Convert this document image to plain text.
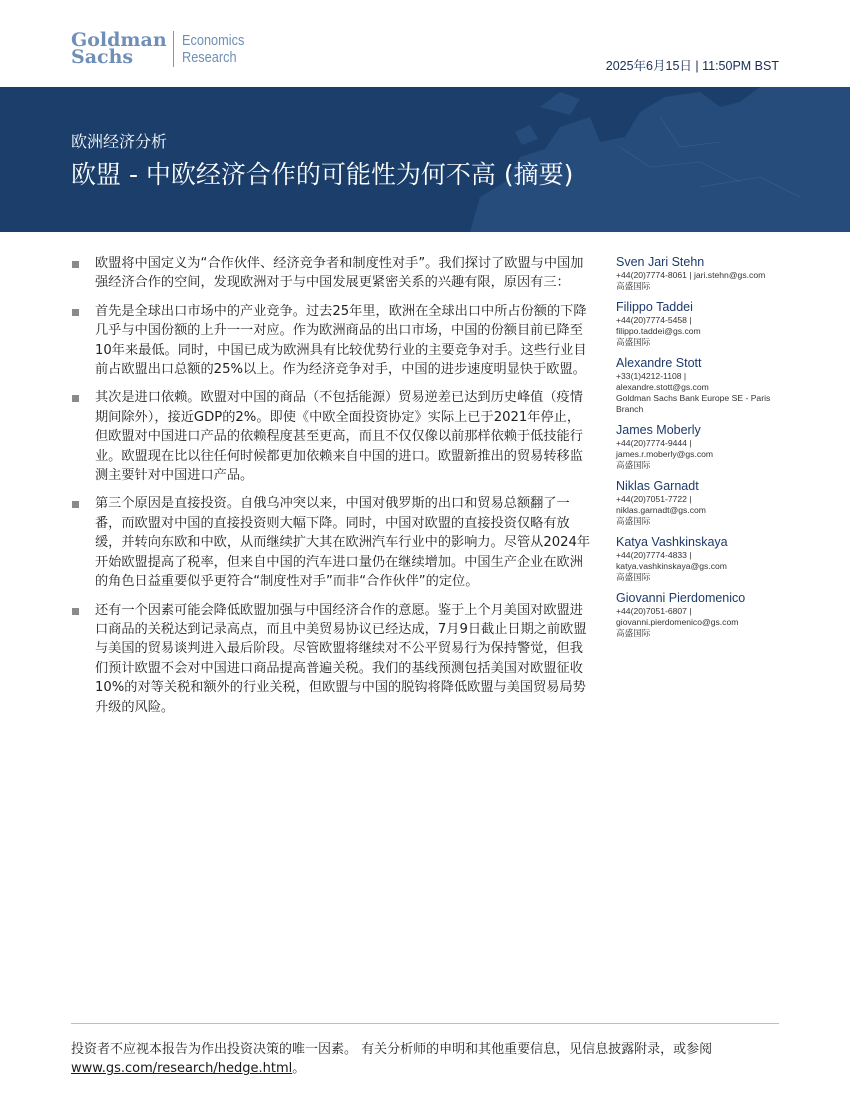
Goldman
Sachs
Economics
Research	2025年6月15日 | 11:50PM BST
欧洲经济分析
欧盟 - 中欧经济合作的可能性为何不高 (摘要)
欧盟将中国定义为“合作伙伴、经济竞争者和制度性对手”。我们探讨了欧盟与中国加强经济合作的空间，发现欧洲对于与中国发展更紧密关系的兴趣有限，原因有三：
首先是全球出口市场中的产业竞争。过去25年里，欧洲在全球出口中所占份额的下降几乎与中国份额的上升一一对应。作为欧洲商品的出口市场，中国的份额目前已降至10年来最低。同时，中国已成为欧洲具有比较优势行业的主要竞争对手。这些行业目前占欧盟出口总额的25%以上。作为经济竞争对手，中国的进步速度明显快于欧盟。
其次是进口依赖。欧盟对中国的商品（不包括能源）贸易逆差已达到历史峰值（疫情期间除外），接近GDP的2%。即使《中欧全面投资协定》实际上已于2021年停止，但欧盟对中国进口产品的依赖程度甚至更高，而且不仅仅像以前那样依赖于低技能行业。欧盟现在比以往任何时候都更加依赖来自中国的进口。欧盟新推出的贸易转移监测主要针对中国进口产品。
第三个原因是直接投资。自俄乌冲突以来，中国对俄罗斯的出口和贸易总额翻了一番，而欧盟对中国的直接投资则大幅下降。同时，中国对欧盟的直接投资仅略有放缓，并转向东欧和中欧，从而继续扩大其在欧洲汽车行业中的影响力。尽管从2024年开始欧盟提高了税率，但来自中国的汽车进口量仍在继续增加。中国生产企业在欧洲的角色日益重要似乎更符合“制度性对手”而非“合作伙伴”的定位。
还有一个因素可能会降低欧盟加强与中国经济合作的意愿。鉴于上个月美国对欧盟进口商品的关税达到记录高点，而且中美贸易协议已经达成，7月9日截止日期之前欧盟与美国的贸易谈判进入最后阶段。尽管欧盟将继续对不公平贸易行为保持警觉，但我们预计欧盟不会对中国进口商品提高普遍关税。我们的基线预测包括美国对欧盟征收10%的对等关税和额外的行业关税，但欧盟与中国的脱钩将降低欧盟与美国贸易局势升级的风险。
Sven Jari Stehn
+44(20)7774-8061 | jari.stehn@gs.com
高盛国际
Filippo Taddei
+44(20)7774-5458 |
filippo.taddei@gs.com
高盛国际
Alexandre Stott
+33(1)4212-1108 |
alexandre.stott@gs.com
Goldman Sachs Bank Europe SE - Paris Branch
James Moberly
+44(20)7774-9444 |
james.r.moberly@gs.com
高盛国际
Niklas Garnadt
+44(20)7051-7722 |
niklas.garnadt@gs.com
高盛国际
Katya Vashkinskaya
+44(20)7774-4833 |
katya.vashkinskaya@gs.com
高盛国际
Giovanni Pierdomenico
+44(20)7051-6807 |
giovanni.pierdomenico@gs.com
高盛国际
投资者不应视本报告为作出投资决策的唯一因素。 有关分析师的申明和其他重要信息，见信息披露附录，或参阅
www.gs.com/research/hedge.html。
